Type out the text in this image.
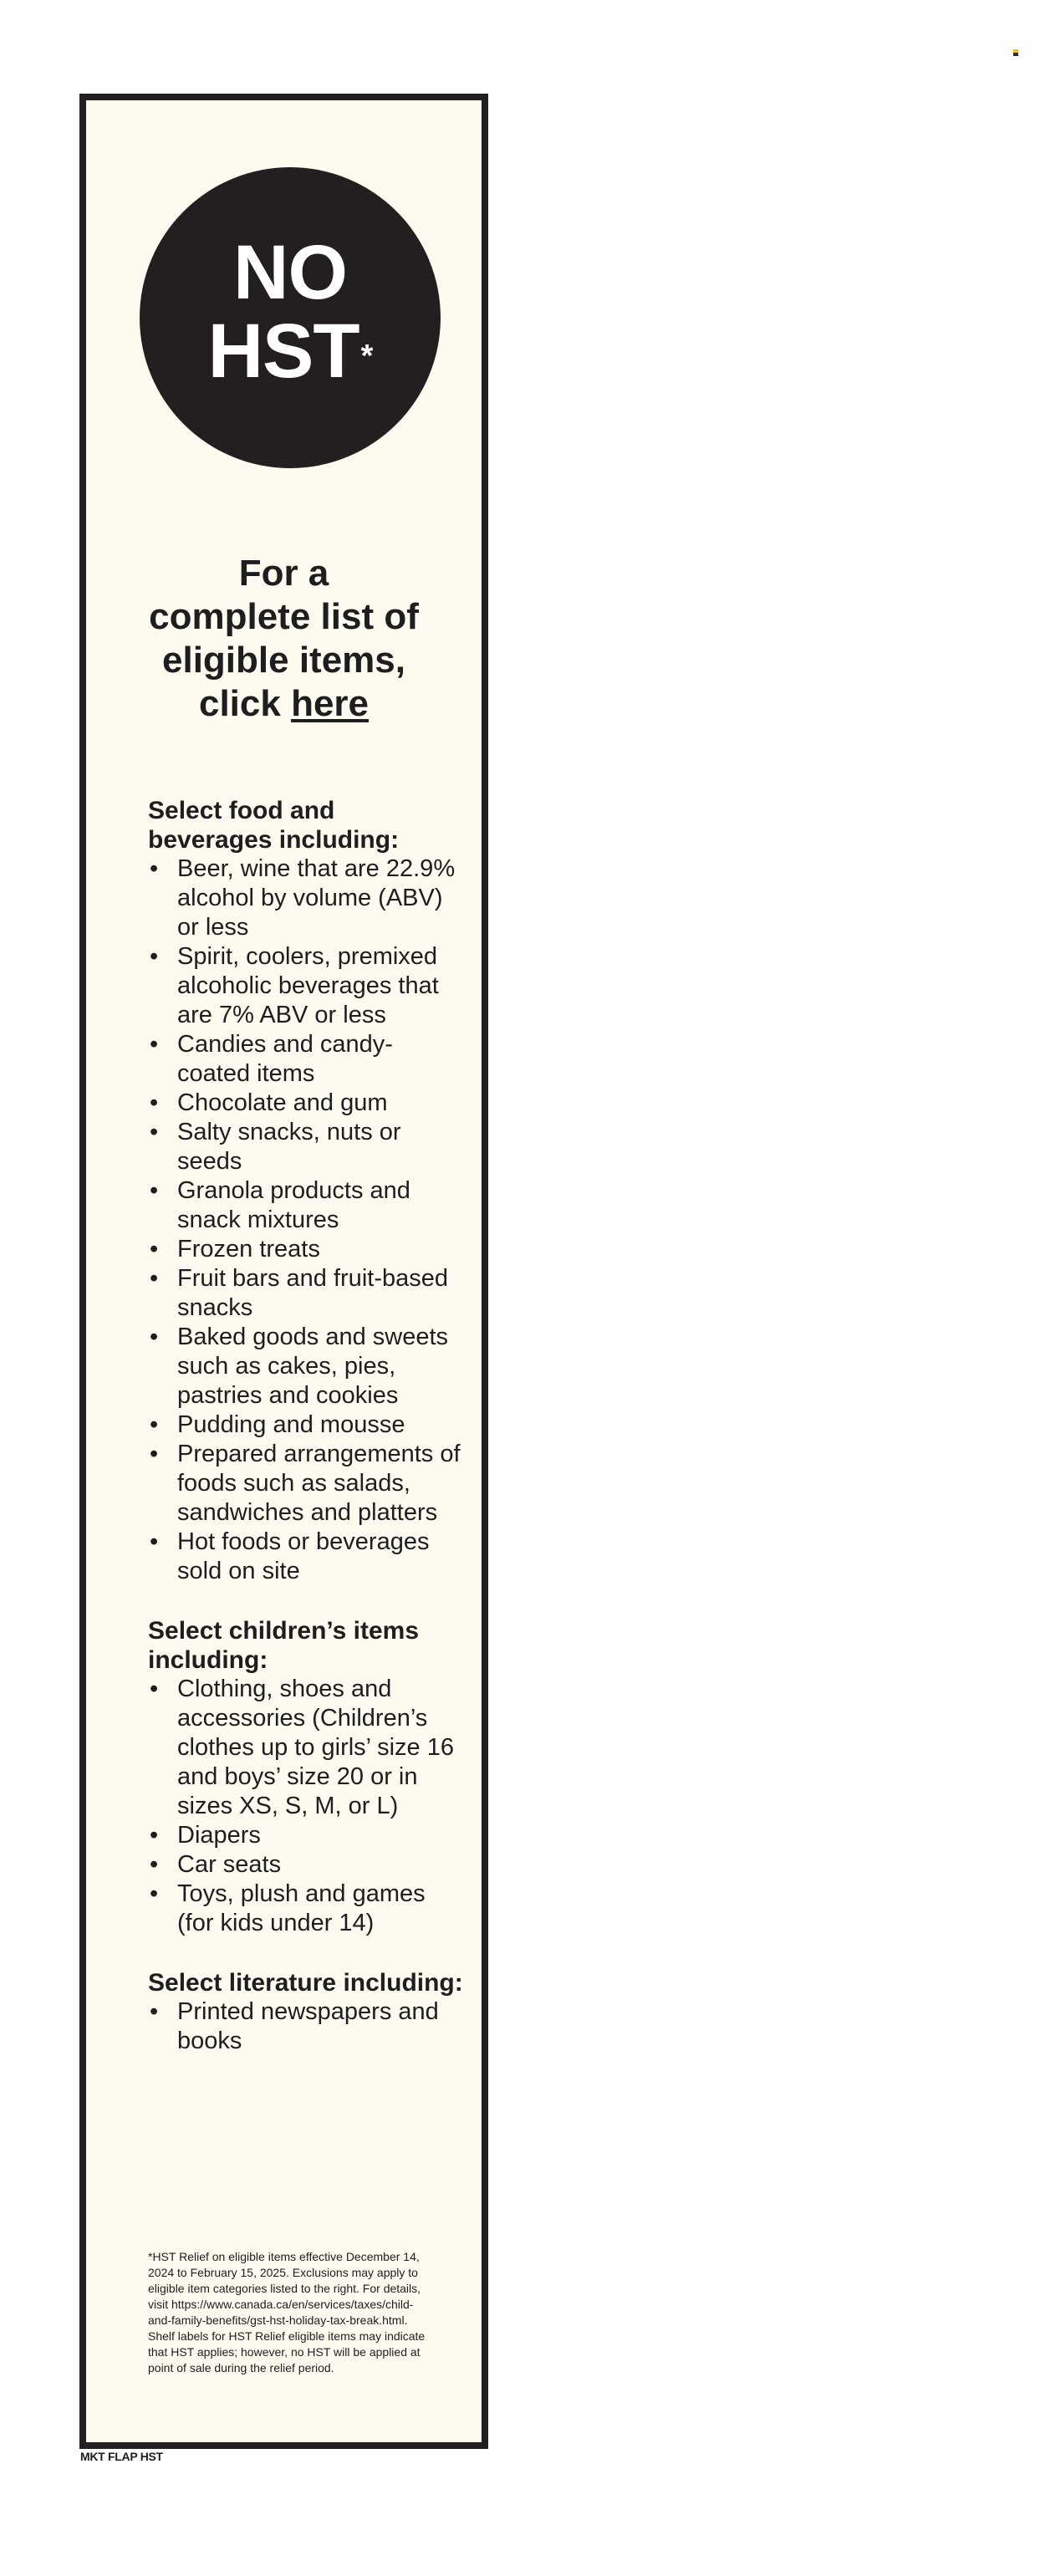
NO
HST*
For a
complete list of
eligible items,
click here
Select food and beverages including:
• Beer, wine that are 22.9% alcohol by volume (ABV) or less
• Spirit, coolers, premixed alcoholic beverages that are 7% ABV or less
• Candies and candy-coated items
• Chocolate and gum
• Salty snacks, nuts or seeds
• Granola products and snack mixtures
• Frozen treats
• Fruit bars and fruit-based snacks
• Baked goods and sweets such as cakes, pies, pastries and cookies
• Pudding and mousse
• Prepared arrangements of foods such as salads, sandwiches and platters
• Hot foods or beverages sold on site
Select children’s items including:
• Clothing, shoes and accessories (Children’s clothes up to girls’ size 16 and boys’ size 20 or in sizes XS, S, M, or L)
• Diapers
• Car seats
• Toys, plush and games (for kids under 14)
Select literature including:
• Printed newspapers and books
*HST Relief on eligible items effective December 14, 2024 to February 15, 2025. Exclusions may apply to eligible item categories listed to the right. For details, visit https://www.canada.ca/en/services/taxes/child-and-family-benefits/gst-hst-holiday-tax-break.html. Shelf labels for HST Relief eligible items may indicate that HST applies; however, no HST will be applied at point of sale during the relief period.
MKT FLAP HST
